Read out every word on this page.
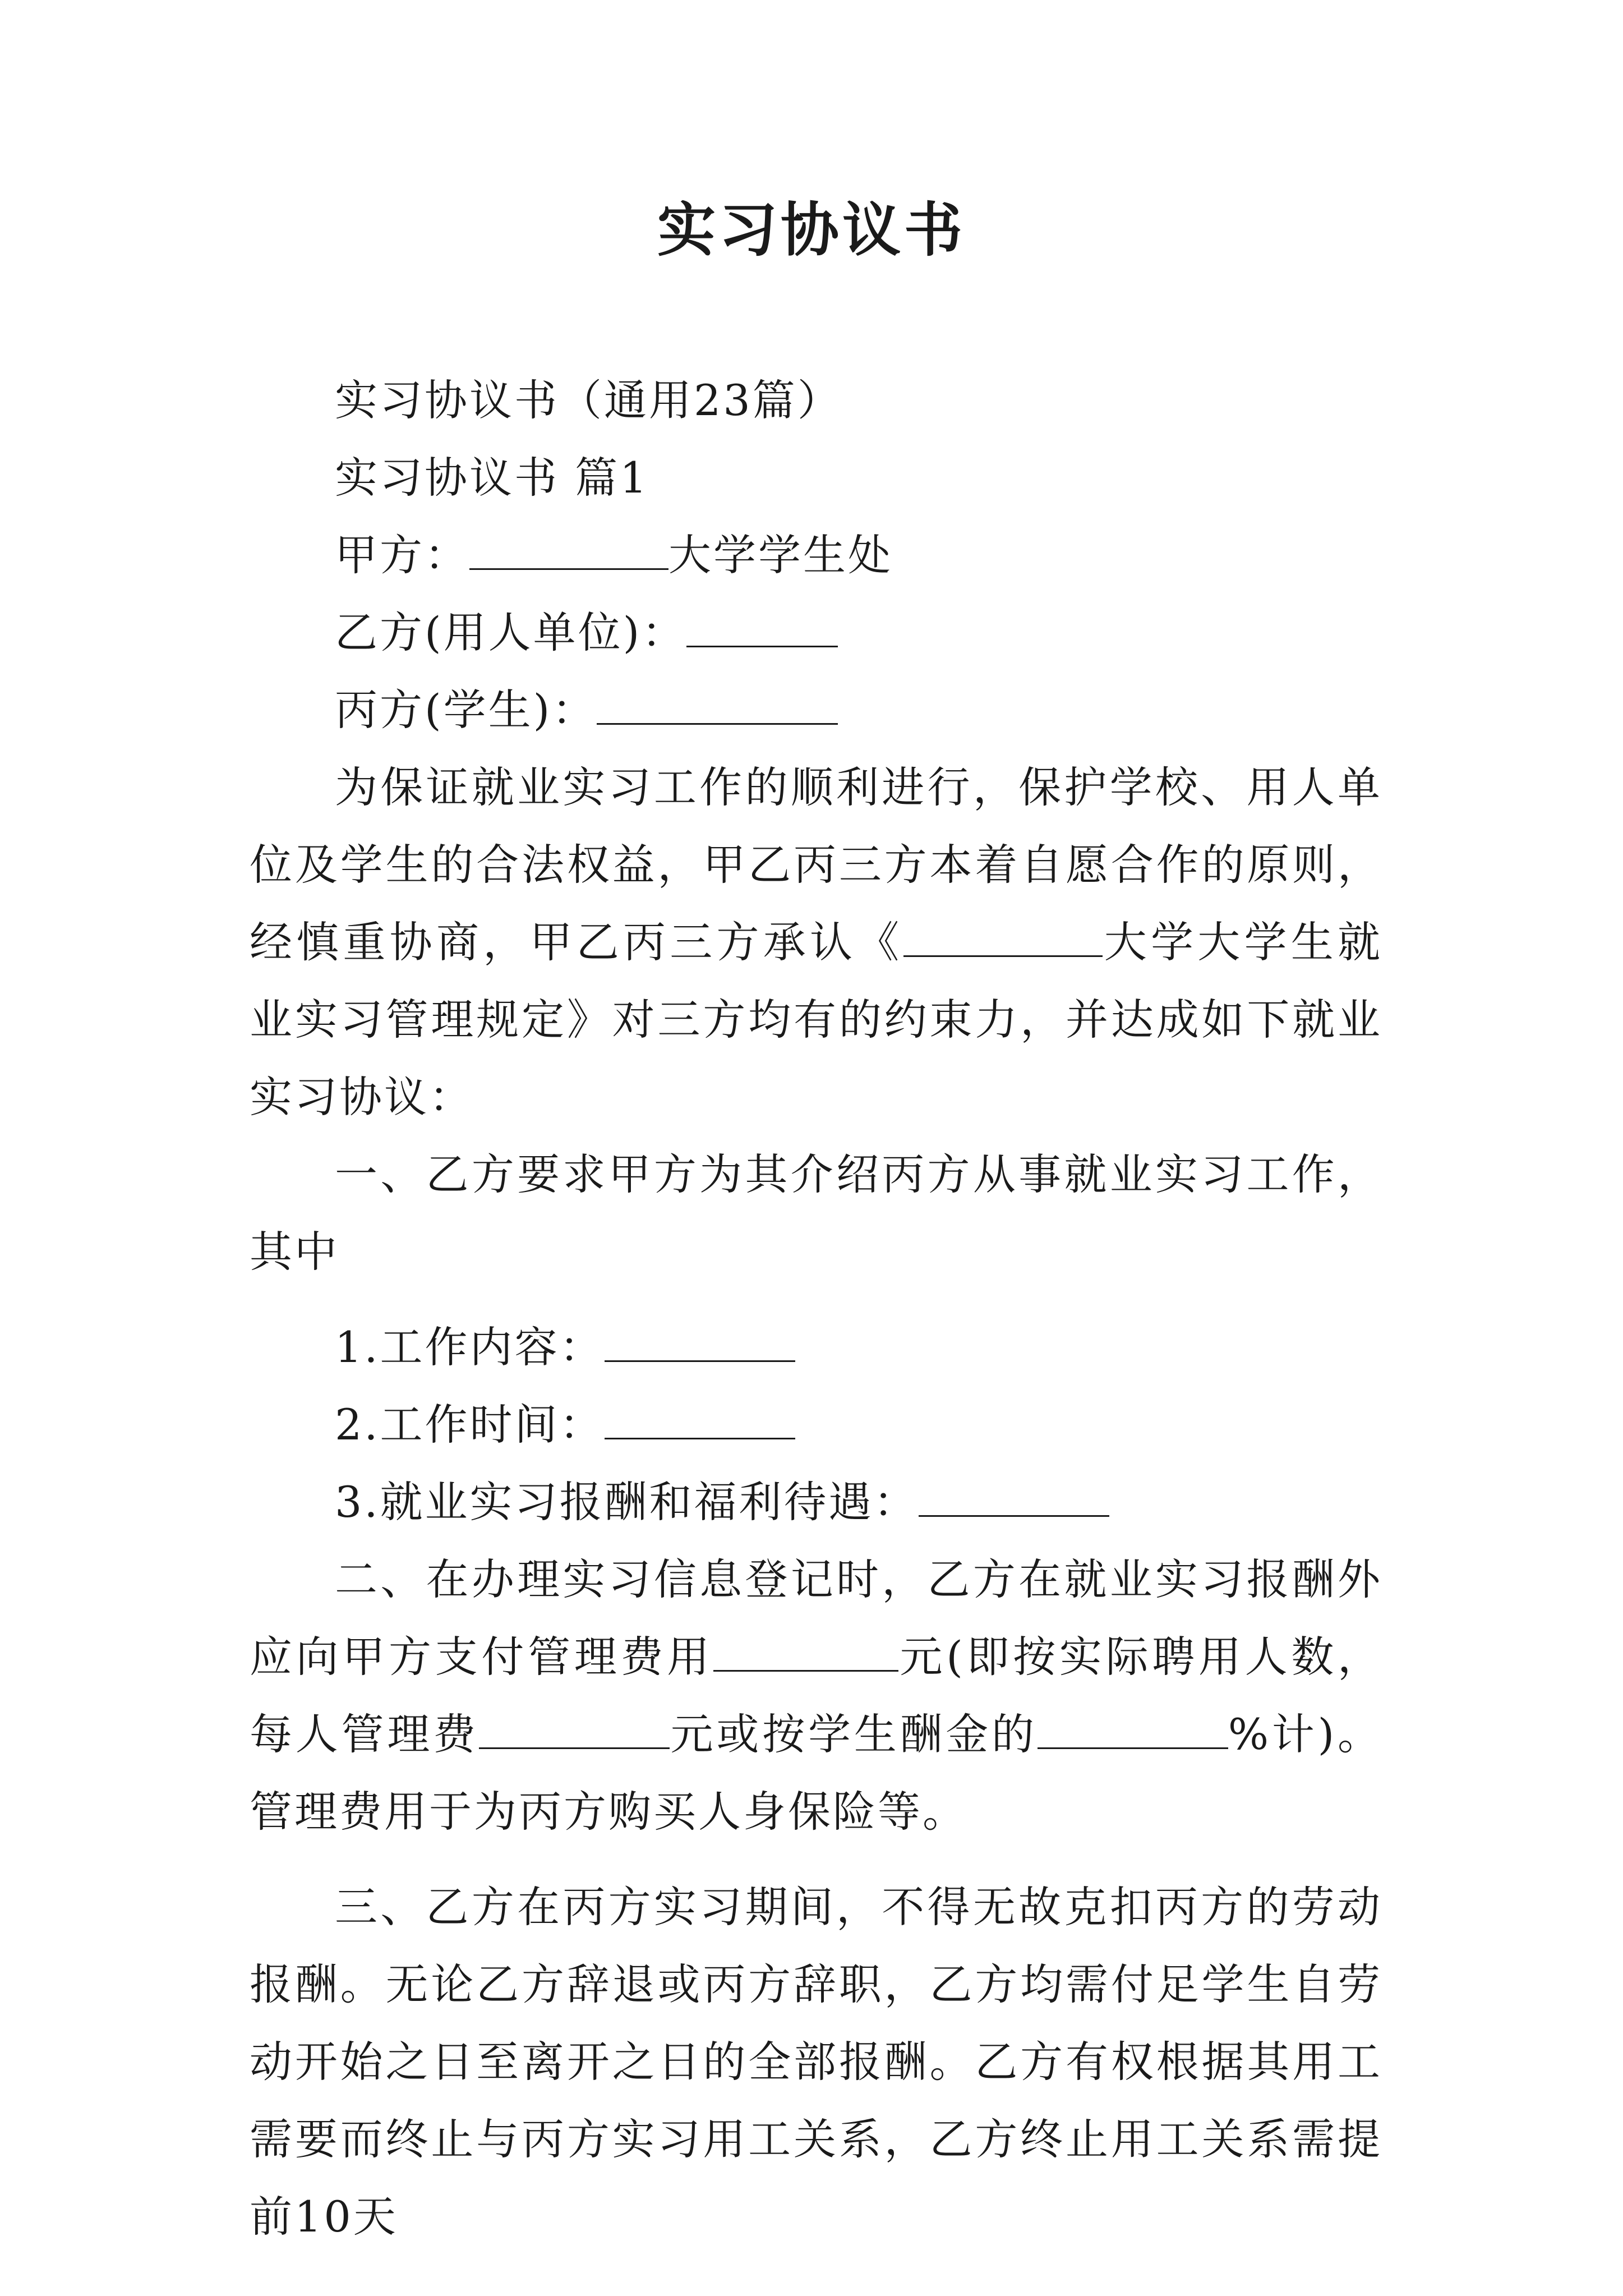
实习协议书

实习协议书（通用23篇）

实习协议书 篇1

甲方：	大学学生处

乙方(用人单位)：

丙方(学生)：

为保证就业实习工作的顺利进行，保护学校、用人单位及学生的合法权益，甲乙丙三方本着自愿合作的原则，经慎重协商，甲乙丙三方承认《	大学大学生就业实习管理规定》对三方均有的约束力，并达成如下就业实习协议：

一、乙方要求甲方为其介绍丙方从事就业实习工作，其中

1.工作内容：

2.工作时间：

3.就业实习报酬和福利待遇：

二、在办理实习信息登记时，乙方在就业实习报酬外应向甲方支付管理费用	元(即按实际聘用人数，每人管理费	元或按学生酬金的	%计)。管理费用于为丙方购买人身保险等。

三、乙方在丙方实习期间，不得无故克扣丙方的劳动报酬。无论乙方辞退或丙方辞职，乙方均需付足学生自劳动开始之日至离开之日的全部报酬。乙方有权根据其用工需要而终止与丙方实习用工关系，乙方终止用工关系需提前10天
